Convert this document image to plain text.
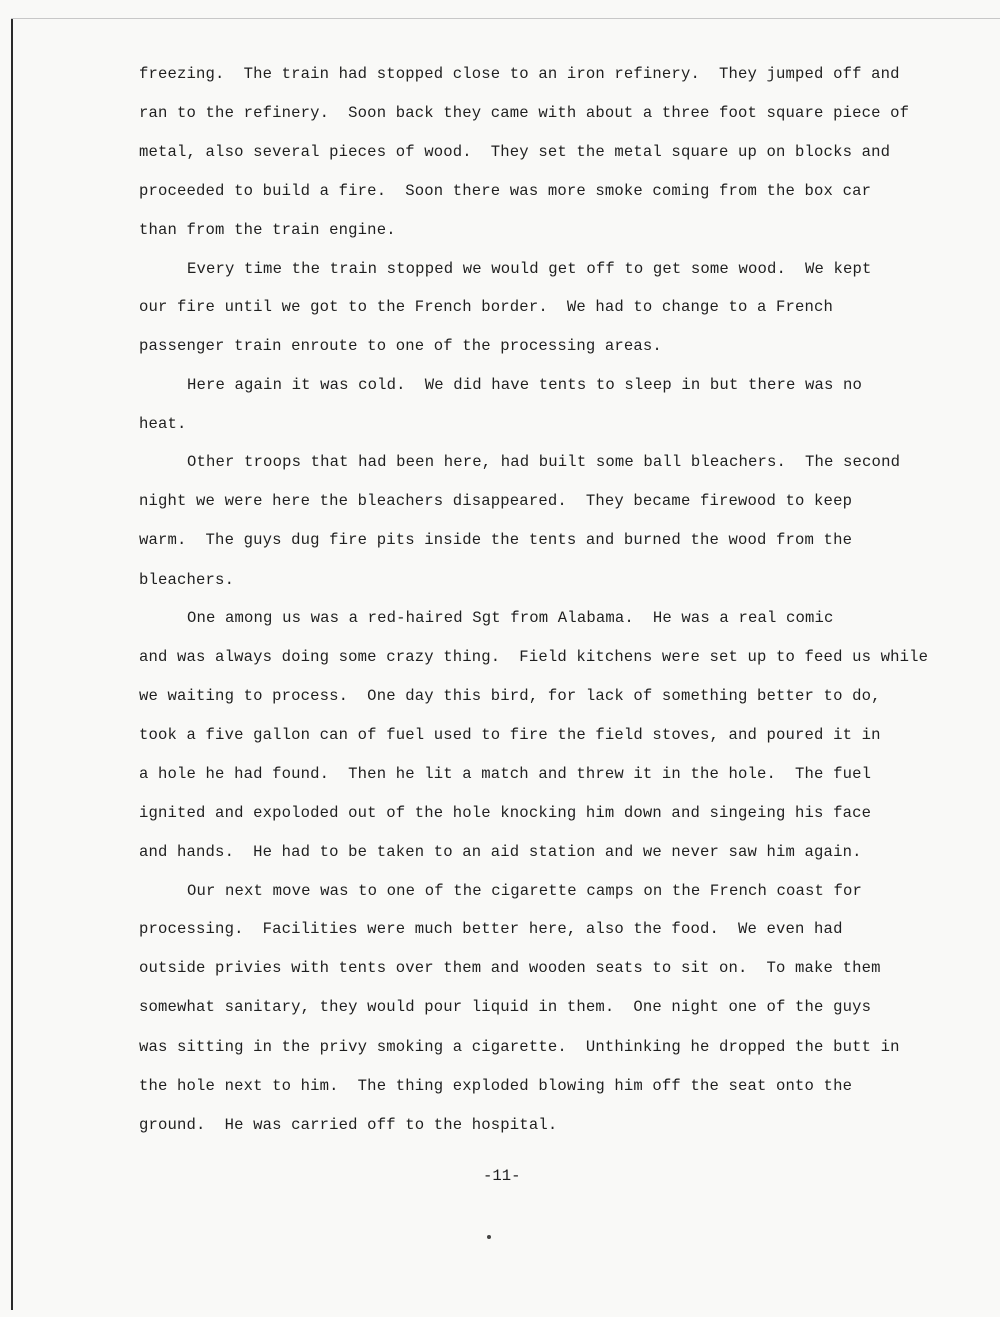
freezing.  The train had stopped close to an iron refinery.  They jumped off and
ran to the refinery.  Soon back they came with about a three foot square piece of
metal, also several pieces of wood.  They set the metal square up on blocks and
proceeded to build a fire.  Soon there was more smoke coming from the box car
than from the train engine.
Every time the train stopped we would get off to get some wood.  We kept
our fire until we got to the French border.  We had to change to a French
passenger train enroute to one of the processing areas.
Here again it was cold.  We did have tents to sleep in but there was no
heat.
Other troops that had been here, had built some ball bleachers.  The second
night we were here the bleachers disappeared.  They became firewood to keep
warm.  The guys dug fire pits inside the tents and burned the wood from the
bleachers.
One among us was a red-haired Sgt from Alabama.  He was a real comic
and was always doing some crazy thing.  Field kitchens were set up to feed us while
we waiting to process.  One day this bird, for lack of something better to do,
took a five gallon can of fuel used to fire the field stoves, and poured it in
a hole he had found.  Then he lit a match and threw it in the hole.  The fuel
ignited and expoloded out of the hole knocking him down and singeing his face
and hands.  He had to be taken to an aid station and we never saw him again.
Our next move was to one of the cigarette camps on the French coast for
processing.  Facilities were much better here, also the food.  We even had
outside privies with tents over them and wooden seats to sit on.  To make them
somewhat sanitary, they would pour liquid in them.  One night one of the guys
was sitting in the privy smoking a cigarette.  Unthinking he dropped the butt in
the hole next to him.  The thing exploded blowing him off the seat onto the
ground.  He was carried off to the hospital.
-11-
